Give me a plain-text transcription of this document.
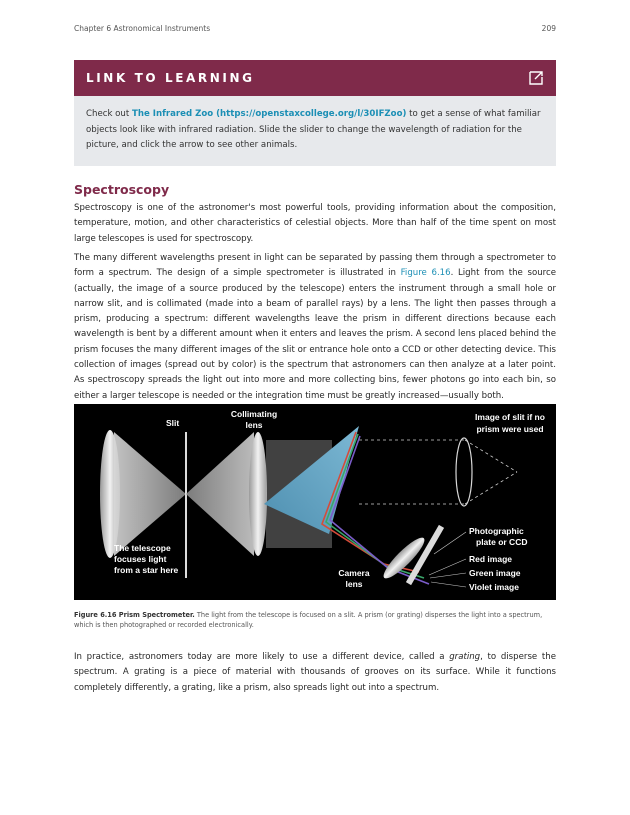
Chapter 6 Astronomical Instruments	209
LINK TO LEARNING
Check out The Infrared Zoo (https://openstaxcollege.org/l/30IFZoo) to get a sense of what familiar objects look like with infrared radiation. Slide the slider to change the wavelength of radiation for the picture, and click the arrow to see other animals.
Spectroscopy

Spectroscopy is one of the astronomer's most powerful tools, providing information about the composition, temperature, motion, and other characteristics of celestial objects. More than half of the time spent on most large telescopes is used for spectroscopy.

The many different wavelengths present in light can be separated by passing them through a spectrometer to form a spectrum. The design of a simple spectrometer is illustrated in Figure 6.16. Light from the source (actually, the image of a source produced by the telescope) enters the instrument through a small hole or narrow slit, and is collimated (made into a beam of parallel rays) by a lens. The light then passes through a prism, producing a spectrum: different wavelengths leave the prism in different directions because each wavelength is bent by a different amount when it enters and leaves the prism. A second lens placed behind the prism focuses the many different images of the slit or entrance hole onto a CCD or other detecting device. This collection of images (spread out by color) is the spectrum that astronomers can then analyze at a later point. As spectroscopy spreads the light out into more and more collecting bins, fewer photons go into each bin, so either a larger telescope is needed or the integration time must be greatly increased—usually both.

Slit
Collimating
lens
Image of slit if no
prism were used
Photographic
plate or CCD
Red image
Green image
Violet image
Camera
lens
The telescope
focuses light
from a star here

Figure 6.16 Prism Spectrometer. The light from the telescope is focused on a slit. A prism (or grating) disperses the light into a spectrum, which is then photographed or recorded electronically.

In practice, astronomers today are more likely to use a different device, called a grating, to disperse the spectrum. A grating is a piece of material with thousands of grooves on its surface. While it functions completely differently, a grating, like a prism, also spreads light out into a spectrum.
